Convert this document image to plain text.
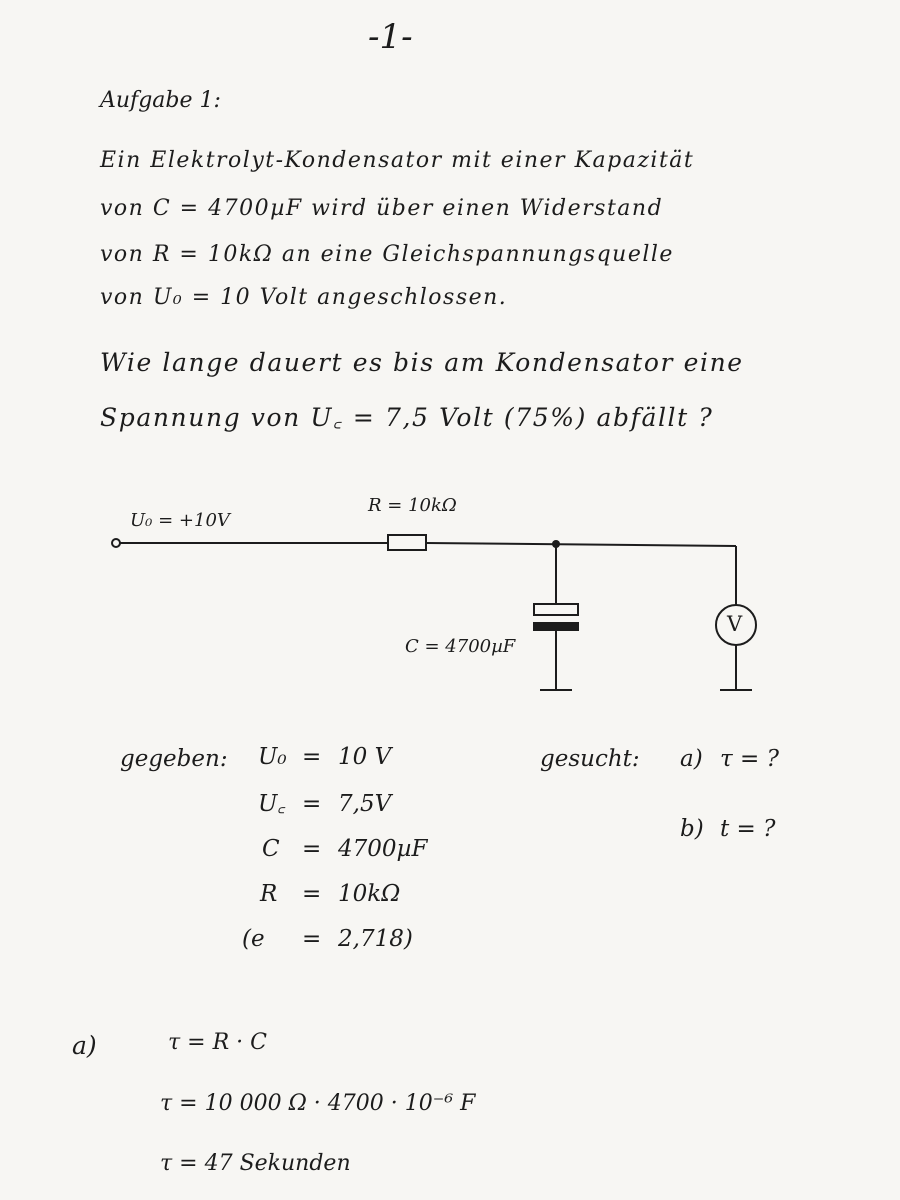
-1-
Aufgabe 1:
Ein Elektrolyt-Kondensator mit einer Kapazität
von C = 4700µF wird über einen Widerstand
von R = 10kΩ an eine Gleichspannungsquelle
von U₀ = 10 Volt angeschlossen.
Wie lange dauert es bis am Kondensator eine
Spannung von U꜀ = 7,5 Volt (75%) abfällt ?
U₀ = +10V
R = 10kΩ
C = 4700µF
V
gegeben: U₀ = 10 V
U꜀ = 7,5V
C = 4700µF
R = 10kΩ
(e = 2,718)
gesucht: a) τ = ?
b) t = ?
a)	τ = R · C
τ = 10 000 Ω · 4700 · 10⁻⁶ F
τ = 47 Sekunden
